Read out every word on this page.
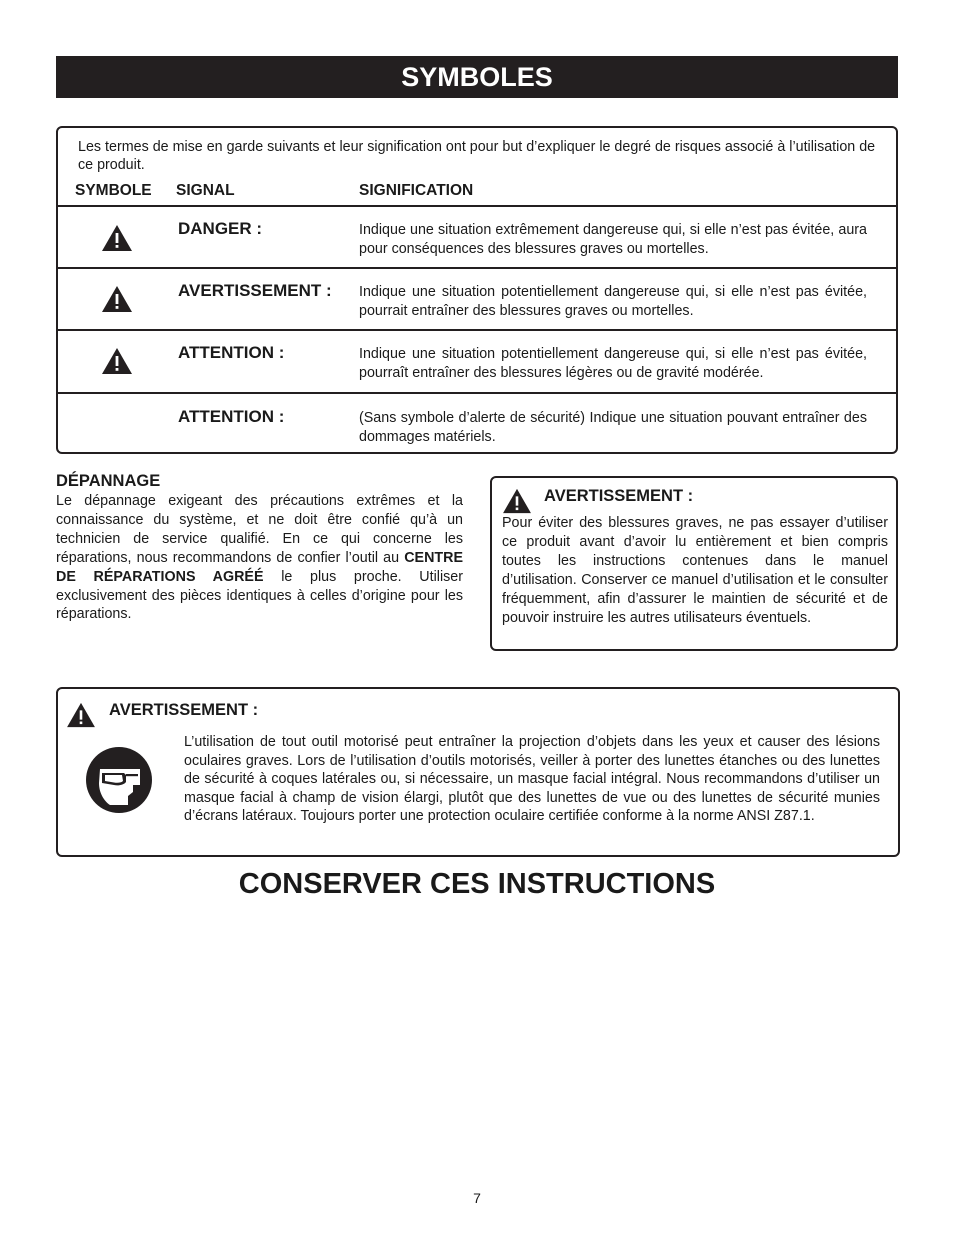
SYMBOLES
Les termes de mise en garde suivants et leur signification ont pour but d’expliquer le degré de risques associé à l’utilisation de ce produit.
SYMBOLE SIGNAL	SIGNIFICATION
DANGER :	Indique une situation extrêmement dangereuse qui, si elle n’est pas évitée, aura pour conséquences des blessures graves ou mortelles.
AVERTISSEMENT : Indique une situation potentiellement dangereuse qui, si elle n’est pas évitée, pourrait entraîner des blessures graves ou mortelles.
ATTENTION :	Indique une situation potentiellement dangereuse qui, si elle n’est pas évitée, pourraît entraîner des blessures légères ou de gravité modérée.
ATTENTION :	(Sans symbole d’alerte de sécurité) Indique une situation pouvant entraîner des dommages matériels.
DÉPANNAGE
Le dépannage exigeant des précautions extrêmes et la connaissance du système, et ne doit être confié qu’à un technicien de service qualifié. En ce qui concerne les réparations, nous recommandons de confier l’outil au CENTRE DE RÉPARATIONS AGRÉÉ le plus proche. Utiliser exclusivement des pièces identiques à celles d’origine pour les réparations.
AVERTISSEMENT :
Pour éviter des blessures graves, ne pas essayer d’utiliser ce produit avant d’avoir lu entièrement et bien compris toutes les instructions contenues dans le manuel d’utilisation. Conserver ce manuel d’utilisation et le consulter fréquemment, afin d’assurer le maintien de sécurité et de pouvoir instruire les autres utilisateurs éventuels.
AVERTISSEMENT :
L’utilisation de tout outil motorisé peut entraîner la projection d’objets dans les yeux et causer des lésions oculaires graves. Lors de l’utilisation d’outils motorisés, veiller à porter des lunettes étanches ou des lunettes de sécurité à coques latérales ou, si nécessaire, un masque facial intégral. Nous recommandons d’utiliser un masque facial à champ de vision élargi, plutôt que des lunettes de vue ou des lunettes de sécurité munies d’écrans latéraux. Toujours porter une protection oculaire certifiée conforme à la norme ANSI Z87.1.
CONSERVER CES INSTRUCTIONS
7
